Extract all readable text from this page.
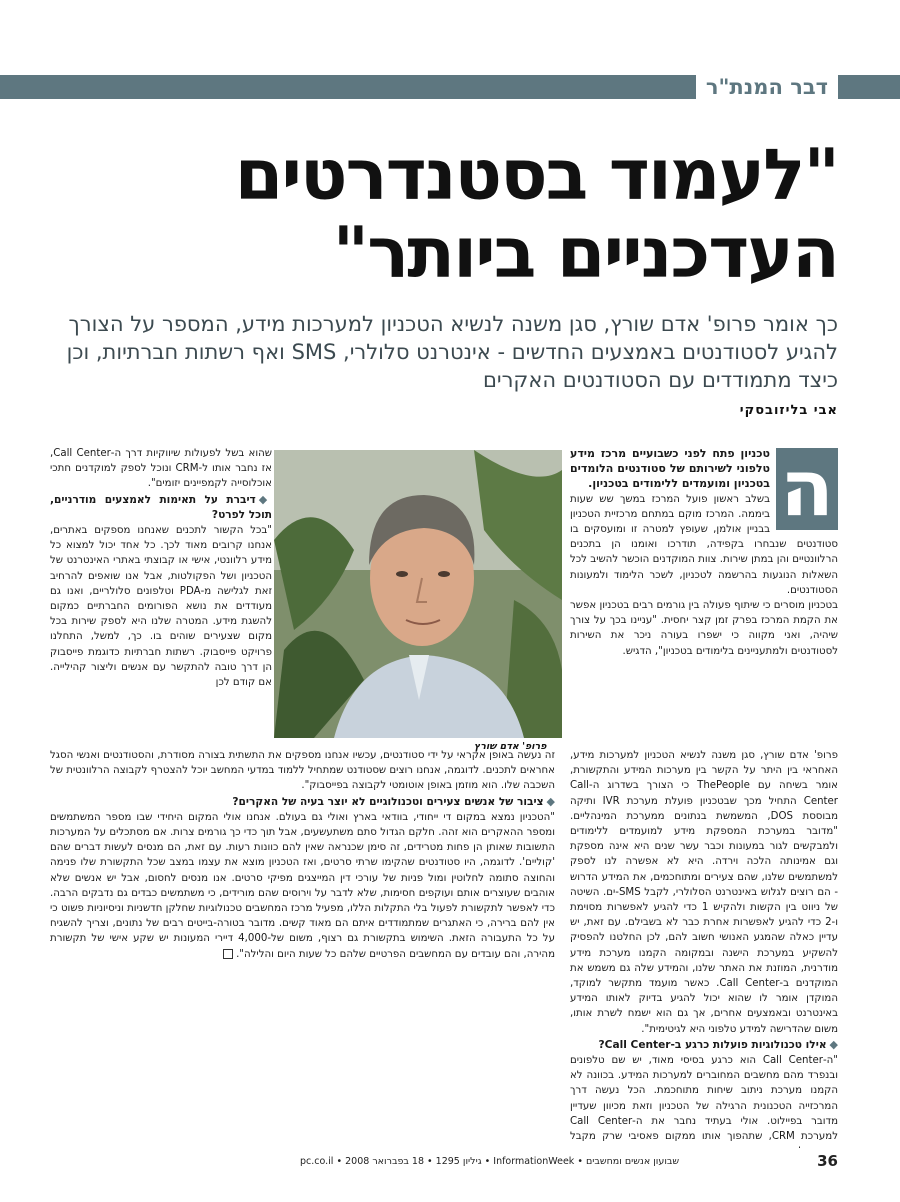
דבר המנת"ר
"לעמוד בסטנדרטים
העדכניים ביותר"
כך אומר פרופ' אדם שורץ, סגן משנה לנשיא הטכניון למערכות מידע, המספר על הצורך להגיע לסטודנטים באמצעים החדשים - אינטרנט סלולרי, SMS ואף רשתות חברתיות, וכן כיצד מתמודדים עם הסטודנטים האקרים
אבי בליזובסקי
ה

טכניון פתח לפני כשבועיים מרכז מידע טלפוני לשירותם של סטודנטים הלומדים בטכניון ומועמדים ללימודים בטכניון.

בשלב ראשון פועל המרכז במשך שש שעות ביממה. המרכז מוקם במתחם מרכזיית הטכניון בבניין אולמן, שעופץ למטרה זו ומועסקים בו סטודנטים שנבחרו בקפידה, תודרכו ואומנו הן בתכנים הרלוונטיים והן במתן שירות. צוות המוקדנים הוכשר להשיב לכל השאלות הנוגעות בהרשמה לטכניון, לשכר הלימוד ולמעונות הסטודנטים.

בטכניון מוסרים כי שיתוף פעולה בין גורמים רבים בטכניון אפשר את הקמת המרכז בפרק זמן קצר יחסית. "עניינו בכך על צורך שיהיה, ואני מקווה כי ישפרו בעורה ניכר את השירות לסטודנטים ולמתעניינים בלימודים בטכניון", הדגיש.

פרופ' אדם שורץ

שהוא בשל לפעולות שיווקיות דרך ה-Call Center, אז נחבר אותו ל-CRM ונוכל לספק למוקדנים חתכי אוכלוסייה לקמפיינים יזומים".

◆דיברת על תאימות לאמצעים מודרניים, תוכל לפרט?

"בכל הקשור לתכנים שאנחנו מספקים באתרים, אנחנו קרובים מאוד לכך. כל אחד יכול למצוא כל מידע רלוונטי, אישי או קבוצתי באתרי האינטרנט של הטכניון ושל הפקולטות, אבל אנו שואפים להרחיב זאת לגלישה מ-PDA וטלפונים סלולריים, ואנו גם מעודדים את נושא הפורומים החברתיים כמקום להשגת מידע. המטרה שלנו היא לספק שירות בכל מקום שצעירים שוהים בו. כך, למשל, התחלנו פרויקט פייסבוק. רשתות חברתיות כדוגמת פייסבוק הן דרך טובה להתקשר עם אנשים וליצור קהילייה. אם קודם לכן

פרופ' אדם שורץ, סגן משנה לנשיא הטכניון למערכות מידע, האחראי בין היתר על הקשר בין מערכות המידע והתקשורת, אומר בשיחה עם ThePeople כי הצורך בשדרוג ה-Call Center התחיל מכך שבטכניון פועלת מערכת IVR ותיקה מבוססת DOS, המשמשת בנתונים ממערכת המינהליים. "מדובר במערכת המספקת מידע למועמדים ללימודים ולמבקשים לגור במעונות וכבר עשר שנים היא אינה מספקת וגם אמינותה הלכה וירדה. היא לא אפשרה לנו לספק למשתמשים שלנו, שהם צעירים ומתוחכמים, את המידע הדרוש - הם רוצים לגלוש באינטרנט הסלולרי, לקבל SMS-ים. השיטה של ניווט בין הקשות ולהקיש 1 כדי להגיע לאפשרות מסוימת ו-2 כדי להגיע לאפשרות אחרת כבר לא בשבילם. עם זאת, יש עדיין כאלה שהמגע האנושי חשוב להם, לכן החלטנו להפסיק להשקיע במערכת הישנה ובמקומה הקמנו מערכת מידע מודרנית, המוזנת את האתר שלנו, והמידע שלה גם משמש את המוקדנים ב-Call Center. כאשר מועמד מתקשר למוקד, המוקדן אומר לו שהוא יכול להגיע בדיוק לאותו המידע באינטרנט ובאמצעים אחרים, אך גם הוא ישמח לשרת אותו, משום שהדרישה למידע טלפוני היא לגיטימית".

◆אילו טכנולוגיות פועלות כרגע ב-Call Center?

"ה-Call Center הוא כרגע בסיסי מאוד, יש שם טלפונים ובנפרד מהם מחשבים המחוברים למערכות המידע. בכוונה לא הקמנו מערכת ניתוב שיחות מתוחכמת. הכל נעשה דרך המרכזייה הטכנונית הרגילה של הטכניון וזאת מכיוון שעדיין מדובר בפיילוט. אולי בעתיד נחבר את ה-Call Center למערכת CRM, שתהפוך אותו ממקום פאסיבי שרק מקבל

זה נעשה באופן אקראי על ידי סטודנטים, עכשיו אנחנו מספקים את התשתית בצורה מסודרת, והסטודנטים ואנשי הסגל אחראים לתכנים. לדוגמה, אנחנו רוצים שסטודנט שמתחיל ללמוד במדעי המחשב יוכל להצטרף לקבוצה הרלוונטית של השכבה שלו. הוא מוזמן באופן אוטומטי לקבוצה בפייסבוק".

◆ציבור של אנשים צעירים וטכנולוגיים לא יוצר בעיה של האקרים?

"הטכניון נמצא במקום די ייחודי, בוודאי בארץ ואולי גם בעולם. אנחנו אולי המקום היחידי שבו מספר המשתמשים ומספר ההאקרים הוא זהה. חלקם הגדול סתם משתעשעים, אבל תוך כדי כך גורמים צרות. אם מסתכלים על המערכות התשובות שאותן הן פחות מטרידים, זה סימן שכנראה שאין להם כוונות רעות. עם זאת, הם מנסים לעשות דברים שהם 'קוליים'. לדוגמה, היו סטודנטים שהקימו שרתי סרטים, ואז הטכניון מוצא את עצמו במצב שכל התקשורת שלו פנימה והחוצה סתומה לחלוטין ומול פניות של עורכי דין המייצגים מפיקי סרטים. אנו מנסים לחסום, אבל יש אנשים שלא אוהבים שעוצרים אותם ועוקפים חסימות, שלא לדבר על וירוסים שהם מורידים, כי משתמשים כבדים גם נדבקים הרבה. כדי לאפשר לתקשורת לפעול בלי התקלות הללו, מפעיל מרכז המחשבים טכנולוגיות שחלקן חדשניות וניסיוניות פשוט כי אין להם ברירה, כי האתגרים שמתמודדים איתם הם מאוד קשים. מדובר בטורה-בייטים רבים של נתונים, וצריך להשגיח על כל התעבורה הזאת. השימוש בתקשורת גם רצוף, משום של-4,000 דיירי המעונות יש שקע אישי של תקשורת מהירה, והם עובדים עם המחשבים הפרטיים שלהם כל שעות היום והלילה".

שבועון אנשים ומחשבים • InformationWeek • גיליון 1295 • 18 בפברואר 2008 • pc.co.il	36
